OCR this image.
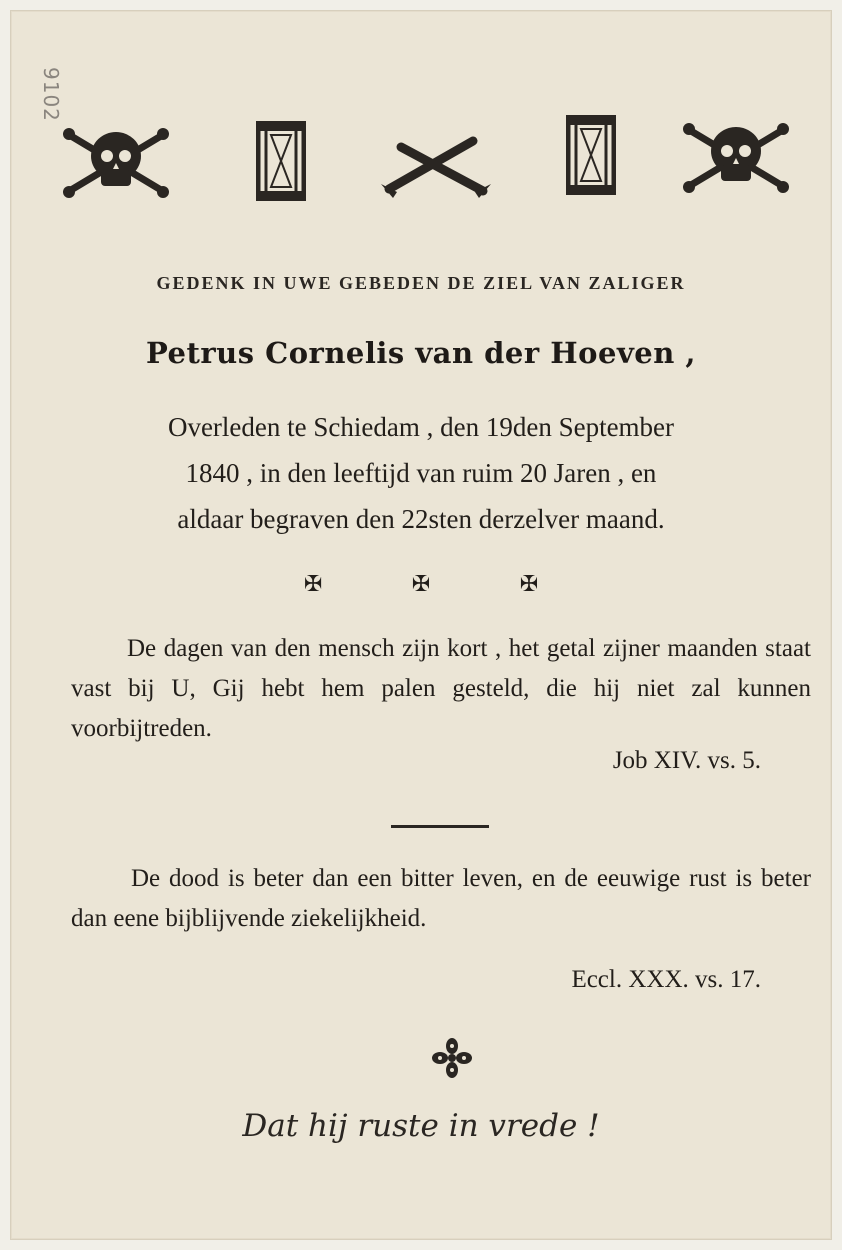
9102
GEDENK IN UWE GEBEDEN DE ZIEL VAN ZALIGER
Petrus Cornelis van der Hoeven ,
Overleden te Schiedam , den 19den September
1840 , in den leeftijd van ruim 20 Jaren , en
aldaar begraven den 22sten derzelver maand.
✠	✠	✠
De dagen van den mensch zijn kort , het getal zijner maanden staat vast bij U, Gij hebt hem palen gesteld, die hij niet zal kunnen voorbijtreden.
Job XIV. vs. 5.
De dood is beter dan een bitter leven, en de eeuwige rust is beter dan eene bijblijvende ziekelijkheid.
Eccl. XXX. vs. 17.
Dat hij ruste in vrede !
